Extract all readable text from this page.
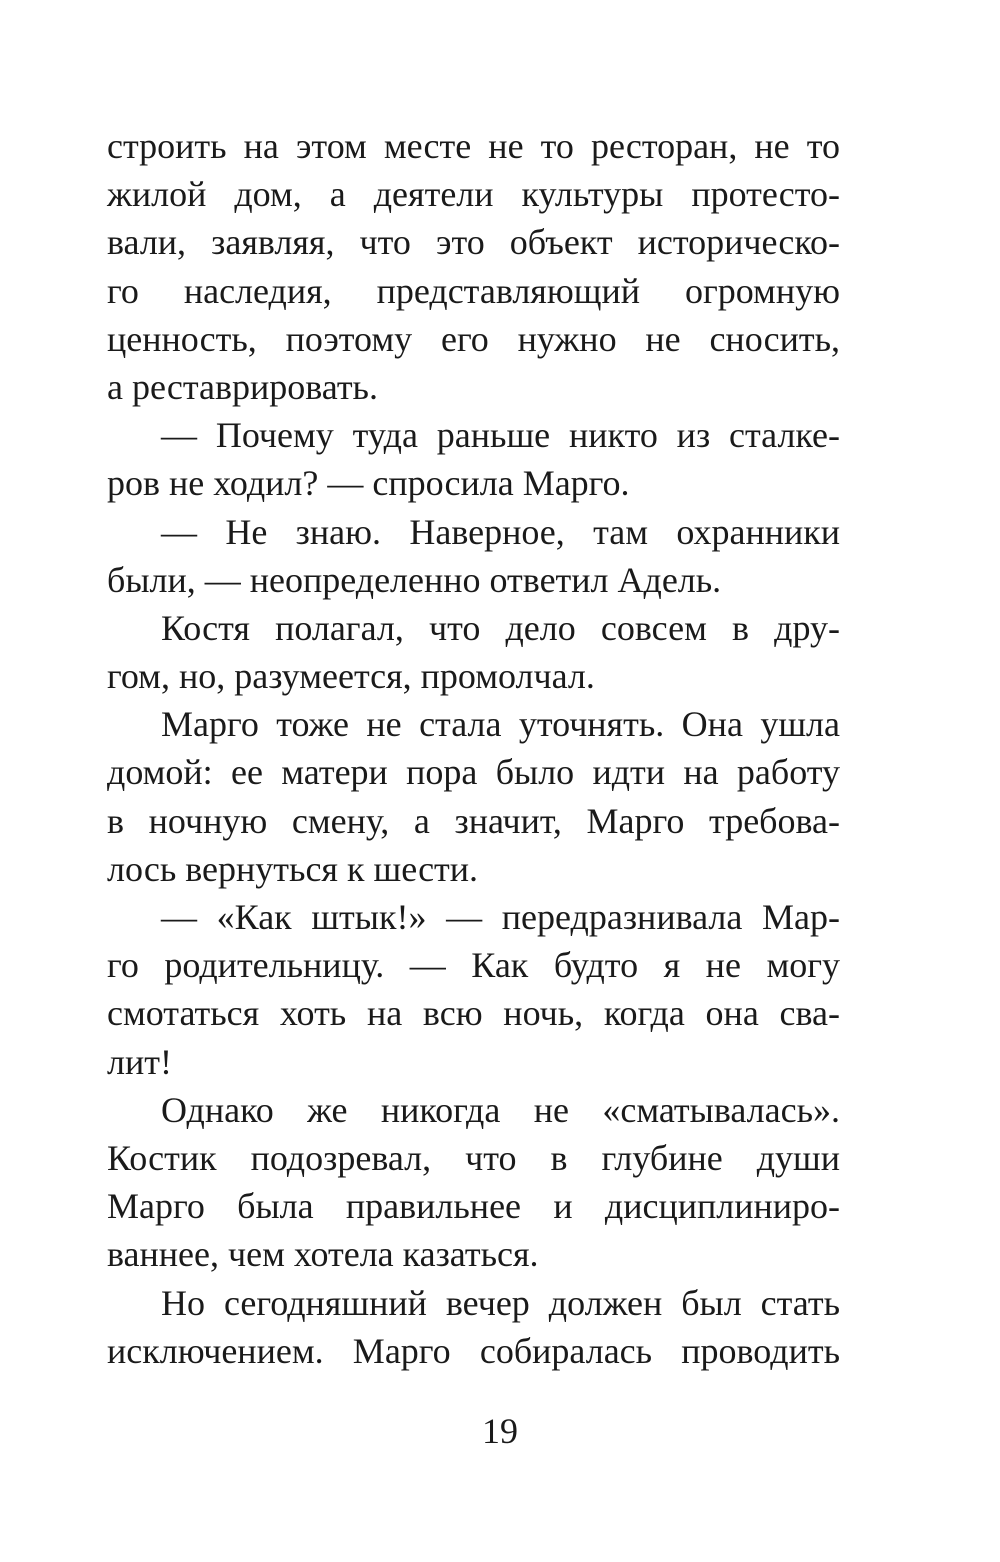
строить на этом месте не то ресторан, не то
жилой дом, а деятели культуры протесто-
вали, заявляя, что это объект историческо-
го наследия, представляющий огромную
ценность, поэтому его нужно не сносить,
а реставрировать.
— Почему туда раньше никто из сталке-
ров не ходил? — спросила Марго.
— Не знаю. Наверное, там охранники
были, — неопределенно ответил Адель.
Костя полагал, что дело совсем в дру-
гом, но, разумеется, промолчал.
Марго тоже не стала уточнять. Она ушла
домой: ее матери пора было идти на работу
в ночную смену, а значит, Марго требова-
лось вернуться к шести.
— «Как штык!» — передразнивала Мар-
го родительницу. — Как будто я не могу
смотаться хоть на всю ночь, когда она сва-
лит!
Однако же никогда не «сматывалась».
Костик подозревал, что в глубине души
Марго была правильнее и дисциплиниро-
ваннее, чем хотела казаться.
Но сегодняшний вечер должен был стать
исключением. Марго собиралась проводить
19
